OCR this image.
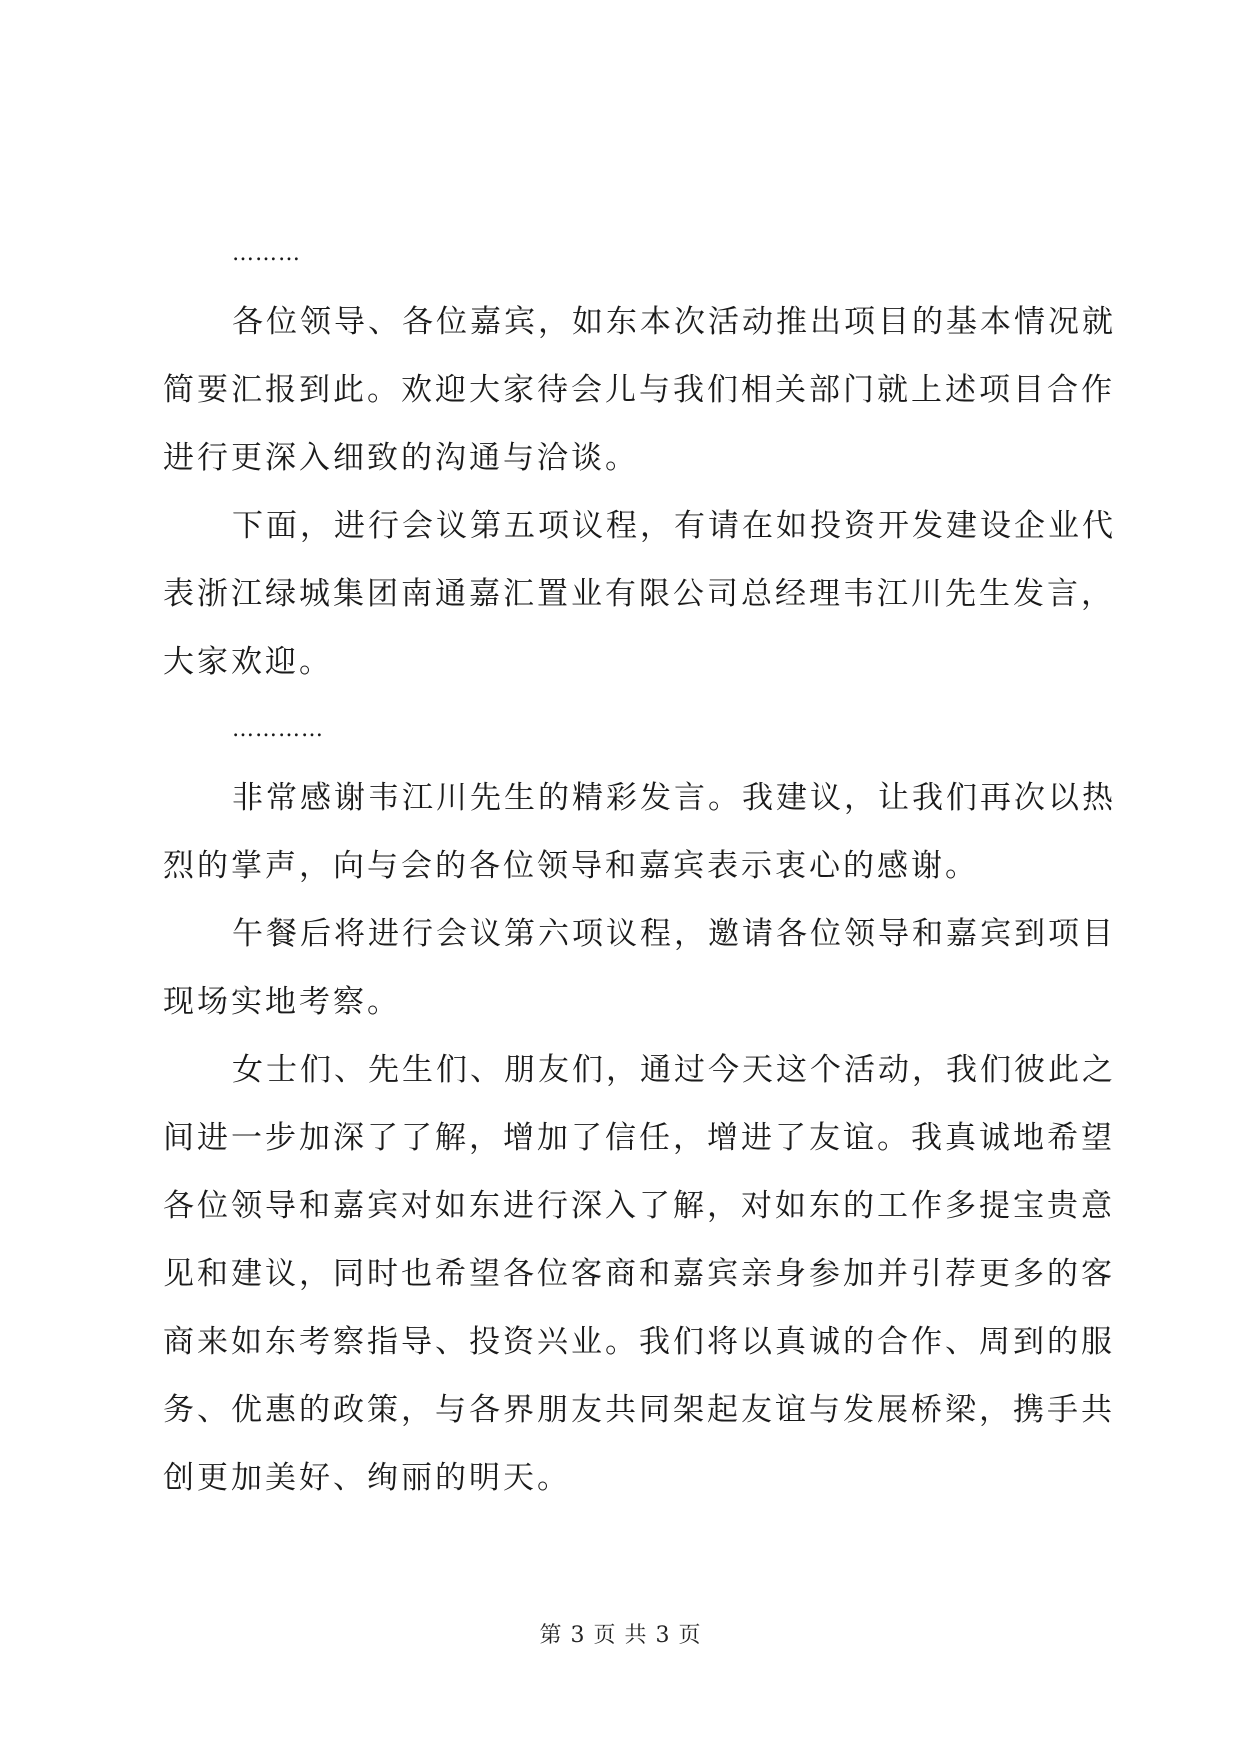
………
各位领导、各位嘉宾，如东本次活动推出项目的基本情况就
简要汇报到此。欢迎大家待会儿与我们相关部门就上述项目合作
进行更深入细致的沟通与洽谈。
下面，进行会议第五项议程，有请在如投资开发建设企业代
表浙江绿城集团南通嘉汇置业有限公司总经理韦江川先生发言，
大家欢迎。
…………
非常感谢韦江川先生的精彩发言。我建议，让我们再次以热
烈的掌声，向与会的各位领导和嘉宾表示衷心的感谢。
午餐后将进行会议第六项议程，邀请各位领导和嘉宾到项目
现场实地考察。
女士们、先生们、朋友们，通过今天这个活动，我们彼此之
间进一步加深了了解，增加了信任，增进了友谊。我真诚地希望
各位领导和嘉宾对如东进行深入了解，对如东的工作多提宝贵意
见和建议，同时也希望各位客商和嘉宾亲身参加并引荐更多的客
商来如东考察指导、投资兴业。我们将以真诚的合作、周到的服
务、优惠的政策，与各界朋友共同架起友谊与发展桥梁，携手共
创更加美好、绚丽的明天。
第 3 页 共 3 页
